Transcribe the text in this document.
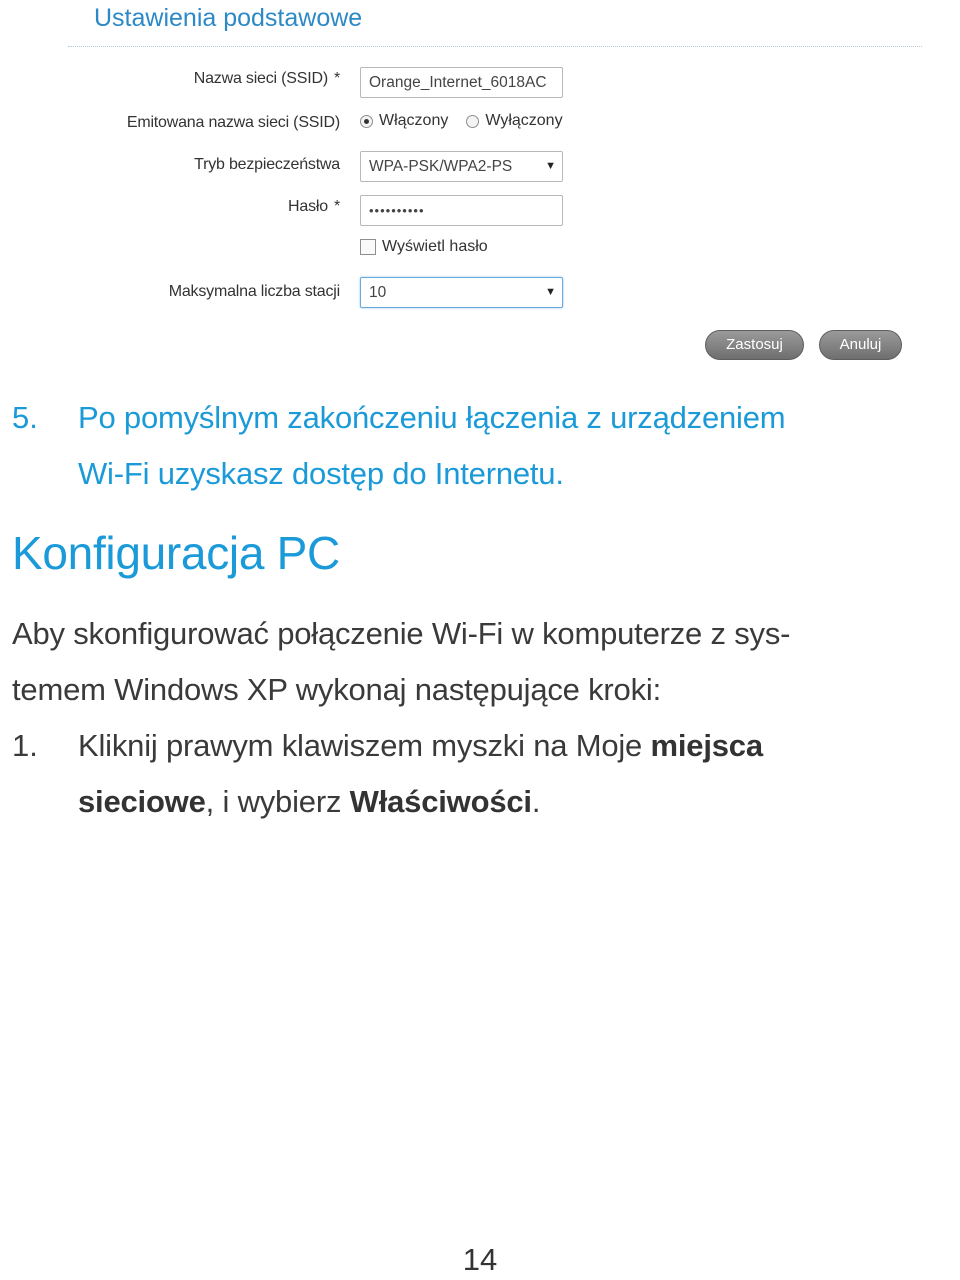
Ustawienia podstawowe
Nazwa sieci (SSID) *	Orange_Internet_6018AC
Emitowana nazwa sieci (SSID) Włączony Wyłączony
Tryb bezpieczeństwa	WPA-PSK/WPA2-PS	▼
Hasło *	••••••••••
Wyświetl hasło
Maksymalna liczba stacji	10	▼
Zastosuj	Anuluj
5. Po pomyślnym zakończeniu łączenia z urządzeniem
Wi-Fi uzyskasz dostęp do Internetu.
Konfiguracja PC
Aby skonfigurować połączenie Wi-Fi w komputerze z sys-
temem Windows XP wykonaj następujące kroki:
1. Kliknij prawym klawiszem myszki na Moje miejsca
sieciowe, i wybierz Właściwości.
14
